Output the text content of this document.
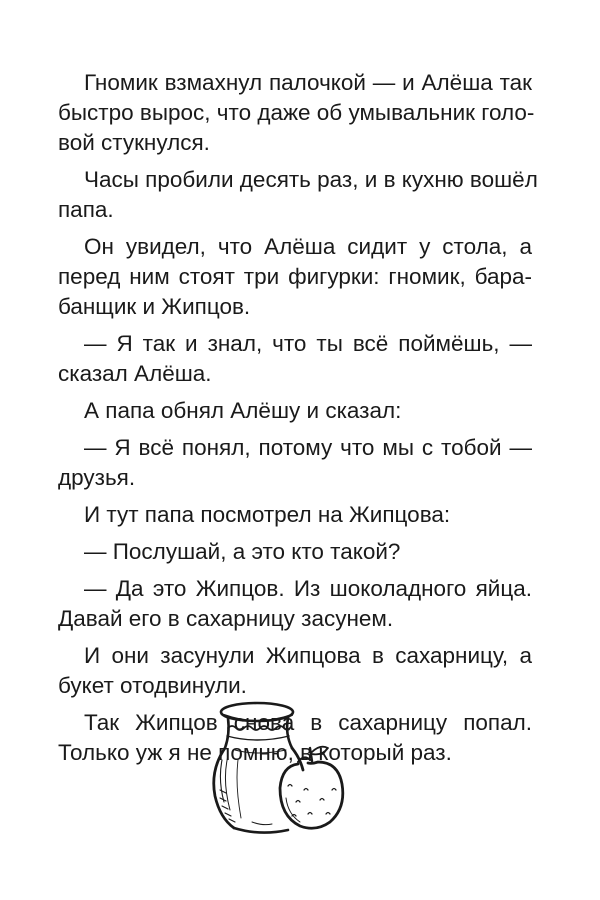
Гномик взмахнул палочкой — и Алёша так
быстро вырос, что даже об умывальник голо-
вой стукнулся.

Часы пробили десять раз, и в кухню вошёл
папа.

Он увидел, что Алёша сидит у стола, а
перед ним стоят три фигурки: гномик, бара-
банщик и Жипцов.

— Я так и знал, что ты всё поймёшь, —
сказал Алёша.

А папа обнял Алёшу и сказал:

— Я всё понял, потому что мы с тобой —
друзья.

И тут папа посмотрел на Жипцова:

— Послушай, а это кто такой?

— Да это Жипцов. Из шоколадного яйца.
Давай его в сахарницу засунем.

И они засунули Жипцова в сахарницу, а
букет отодвинули.

Так Жипцов снова в сахарницу попал.
Только уж я не помню, в который раз.
